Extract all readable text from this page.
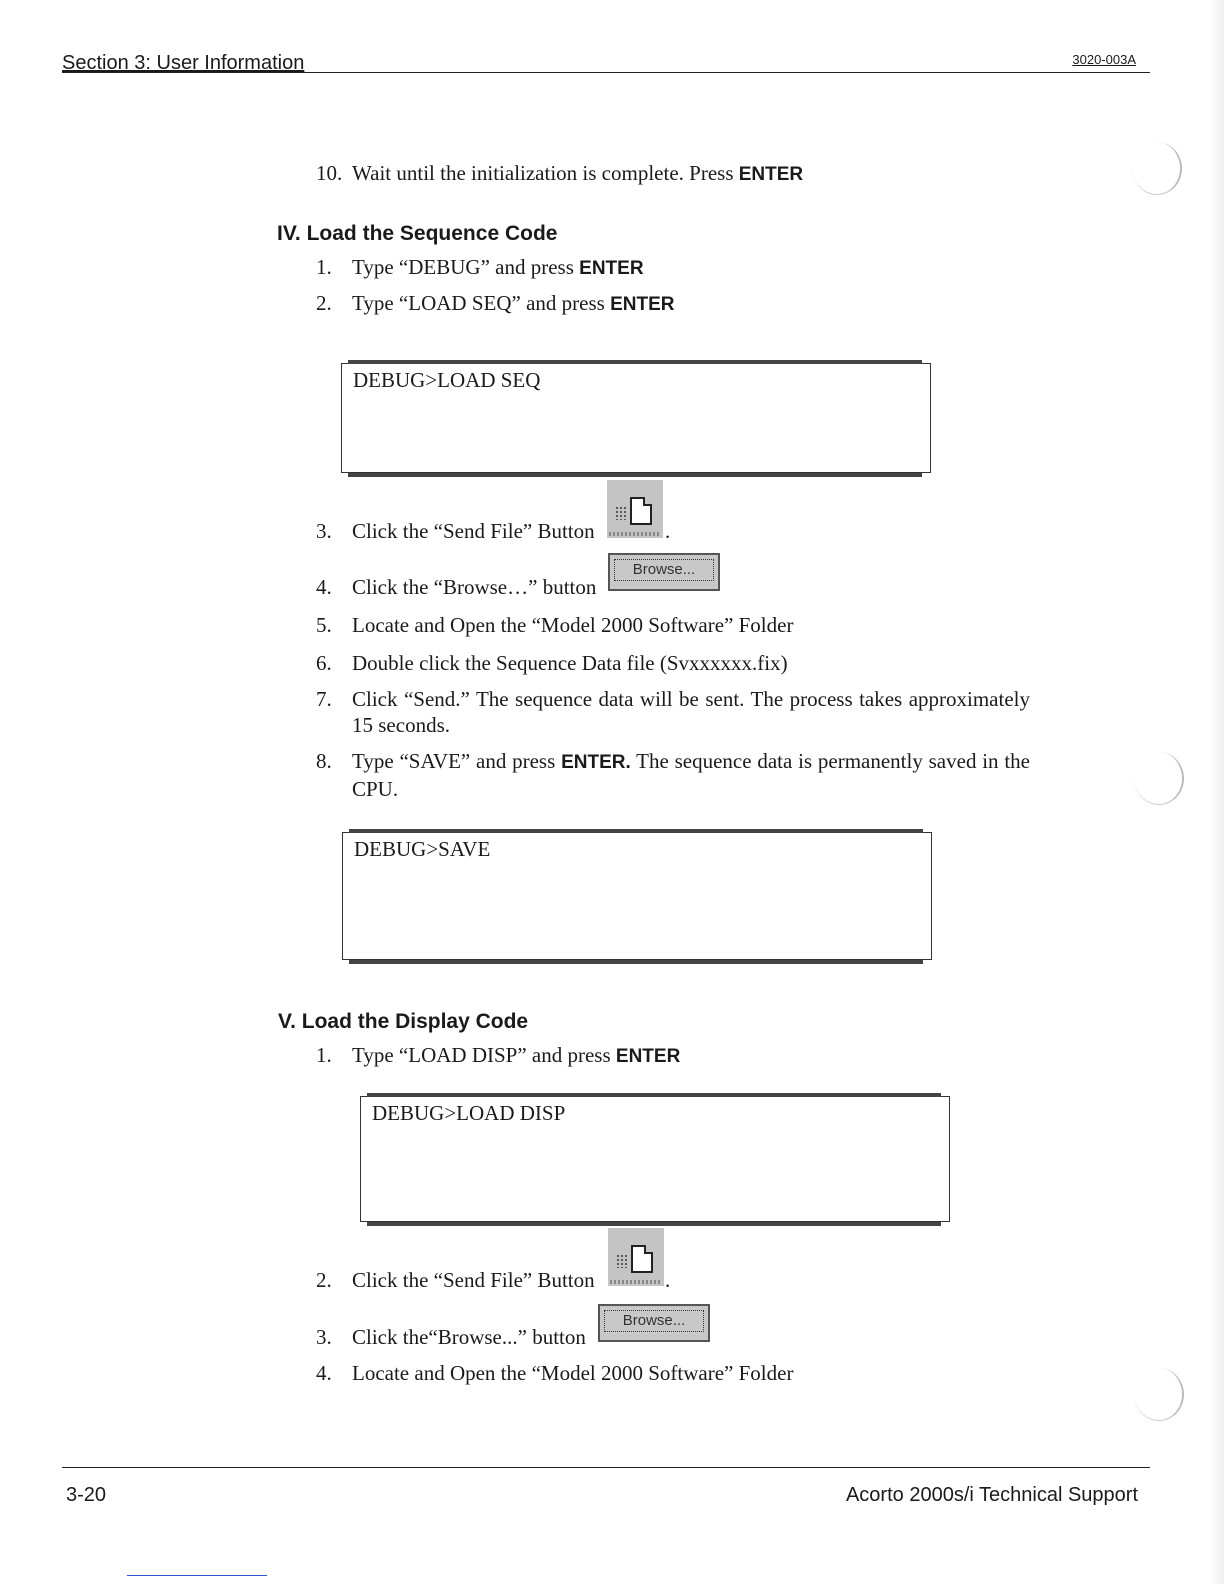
Section 3: User Information	3020-003A
10. Wait until the initialization is complete. Press ENTER
IV. Load the Sequence Code
1. Type “DEBUG” and press ENTER
2. Type “LOAD SEQ” and press ENTER
DEBUG>LOAD SEQ
3. Click the “Send File” Button	.
4. Click the “Browse…” button
Browse...
5. Locate and Open the “Model 2000 Software” Folder
6. Double click the Sequence Data file (Svxxxxxx.fix)
7. Click “Send.” The sequence data will be sent. The process takes approximately 15 seconds.
8. Type “SAVE” and press ENTER. The sequence data is permanently saved in the CPU.
DEBUG>SAVE
V. Load the Display Code
1. Type “LOAD DISP” and press ENTER
DEBUG>LOAD DISP
2. Click the “Send File” Button	.
3. Click the“Browse...” button
Browse...
4. Locate and Open the “Model 2000 Software” Folder
3-20	Acorto 2000s/i Technical Support
